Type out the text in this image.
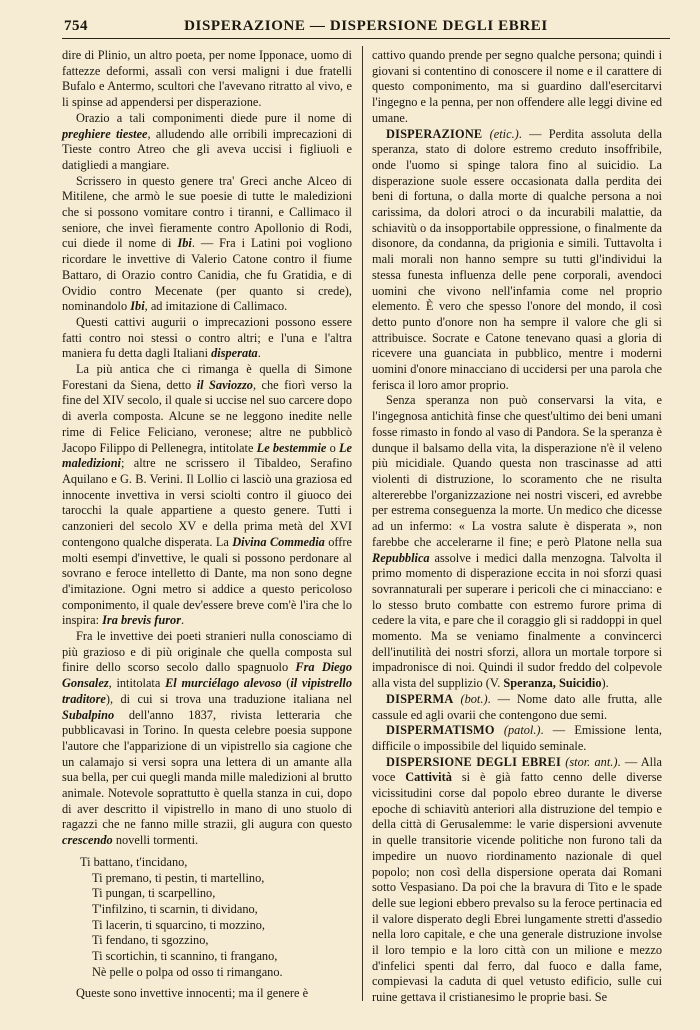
754	DISPERAZIONE — DISPERSIONE DEGLI EBREI

dire di Plinio, un altro poeta, per nome Ipponace, uomo di fattezze deformi, assalì con versi maligni i due fratelli Bufalo e Antermo, scultori che l'avevano ritratto al vivo, e li spinse ad appendersi per disperazione.

Orazio a tali componimenti diede pure il nome di preghiere tiestee, alludendo alle orribili imprecazioni di Tieste contro Atreo che gli aveva uccisi i figliuoli e datigliedi a mangiare.

Scrissero in questo genere tra' Greci anche Alceo di Mitilene, che armò le sue poesie di tutte le maledizioni che si possono vomitare contro i tiranni, e Callimaco il seniore, che inveì fieramente contro Apollonio di Rodi, cui diede il nome di Ibi. — Fra i Latini poi vogliono ricordare le invettive di Valerio Catone contro il fiume Battaro, di Orazio contro Canidia, che fu Gratidia, e di Ovidio contro Mecenate (per quanto si crede), nominandolo Ibi, ad imitazione di Callimaco.

Questi cattivi augurii o imprecazioni possono essere fatti contro noi stessi o contro altri; e l'una e l'altra maniera fu detta dagli Italiani disperata.

La più antica che ci rimanga è quella di Simone Forestani da Siena, detto il Saviozzo, che fiorì verso la fine del XIV secolo, il quale si uccise nel suo carcere dopo di averla composta. Alcune se ne leggono inedite nelle rime di Felice Feliciano, veronese; altre ne pubblicò Jacopo Filippo di Pellenegra, intitolate Le bestemmie o Le maledizioni; altre ne scrissero il Tibaldeo, Serafino Aquilano e G. B. Verini. Il Lollio ci lasciò una graziosa ed innocente invettiva in versi sciolti contro il giuoco dei tarocchi la quale appartiene a questo genere. Tutti i canzonieri del secolo XV e della prima metà del XVI contengono qualche disperata. La Divina Commedia offre molti esempi d'invettive, le quali si possono perdonare al sovrano e feroce intelletto di Dante, ma non sono degne d'imitazione. Ogni metro si addice a questo pericoloso componimento, il quale dev'essere breve com'è l'ira che lo inspira: Ira brevis furor.

Fra le invettive dei poeti stranieri nulla conosciamo di più grazioso e di più originale che quella composta sul finire dello scorso secolo dallo spagnuolo Fra Diego Gonsalez, intitolata El murciélago alevoso (il vipistrello traditore), di cui si trova una traduzione italiana nel Subalpino dell'anno 1837, rivista letteraria che pubblicavasi in Torino. In questa celebre poesia suppone l'autore che l'apparizione di un vipistrello sia cagione che un calamajo si versi sopra una lettera di un amante alla sua bella, per cui quegli manda mille maledizioni al brutto animale. Notevole soprattutto è quella stanza in cui, dopo di aver descritto il vipistrello in mano di uno stuolo di ragazzi che ne fanno mille strazii, gli augura con questo crescendo novelli tormenti.

Ti battano, t'incidano,
Ti premano, ti pestin, ti martellino,
Ti pungan, ti scarpellino,
T'infilzino, ti scarnin, ti dividano,
Ti lacerin, ti squarcino, ti mozzino,
Ti fendano, ti sgozzino,
Ti scortichin, ti scannino, ti frangano,
Nè pelle o polpa od osso ti rimangano.

Queste sono invettive innocenti; ma il genere è

cattivo quando prende per segno qualche persona; quindi i giovani si contentino di conoscere il nome e il carattere di questo componimento, ma si guardino dall'esercitarvi l'ingegno e la penna, per non offendere alle leggi divine ed umane.

DISPERAZIONE (etic.). — Perdita assoluta della speranza, stato di dolore estremo creduto insoffribile, onde l'uomo si spinge talora fino al suicidio. La disperazione suole essere occasionata dalla perdita dei beni di fortuna, o dalla morte di qualche persona a noi carissima, da dolori atroci o da incurabili malattie, da schiavitù o da insopportabile oppressione, o finalmente da disonore, da condanna, da prigionia e simili. Tuttavolta i mali morali non hanno sempre su tutti gl'individui la stessa funesta influenza delle pene corporali, avendoci uomini che vivono nell'infamia come nel proprio elemento. È vero che spesso l'onore del mondo, il così detto punto d'onore non ha sempre il valore che gli si attribuisce. Socrate e Catone tenevano quasi a gloria di ricevere una guanciata in pubblico, mentre i moderni uomini d'onore minacciano di uccidersi per una parola che ferisca il loro amor proprio.

Senza speranza non può conservarsi la vita, e l'ingegnosa antichità finse che quest'ultimo dei beni umani fosse rimasto in fondo al vaso di Pandora. Se la speranza è dunque il balsamo della vita, la disperazione n'è il veleno più micidiale. Quando questa non trascinasse ad atti violenti di distruzione, lo scoramento che ne risulta altererebbe l'organizzazione nei nostri visceri, ed avrebbe per estrema conseguenza la morte. Un medico che dicesse ad un infermo: « La vostra salute è disperata », non farebbe che accelerarne il fine; e però Platone nella sua Repubblica assolve i medici dalla menzogna. Talvolta il primo momento di disperazione eccita in noi sforzi quasi sovrannaturali per superare i pericoli che ci minacciano: e lo stesso bruto combatte con estremo furore prima di cedere la vita, e pare che il coraggio gli si raddoppi in quel momento. Ma se veniamo finalmente a convincerci dell'inutilità dei nostri sforzi, allora un mortale torpore si impadronisce di noi. Quindi il sudor freddo del colpevole alla vista del supplizio (V. Speranza, Suicidio).

DISPERMA (bot.). — Nome dato alle frutta, alle cassule ed agli ovarii che contengono due semi.

DISPERMATISMO (patol.). — Emissione lenta, difficile o impossibile del liquido seminale.

DISPERSIONE DEGLI EBREI (stor. ant.). — Alla voce Cattività si è già fatto cenno delle diverse vicissitudini corse dal popolo ebreo durante le diverse epoche di schiavitù anteriori alla distruzione del tempio e della città di Gerusalemme: le varie dispersioni avvenute in quelle transitorie vicende politiche non furono tali da impedire un nuovo riordinamento nazionale di quel popolo; non così della dispersione operata dai Romani sotto Vespasiano. Da poi che la bravura di Tito e le spade delle sue legioni ebbero prevalso su la feroce pertinacia ed il valore disperato degli Ebrei lungamente stretti d'assedio nella loro capitale, e che una generale distruzione involse il loro tempio e la loro città con un milione e mezzo d'infelici spenti dal ferro, dal fuoco e dalla fame, compievasi la caduta di quel vetusto edificio, sulle cui ruine gettava il cristianesimo le proprie basi. Se
